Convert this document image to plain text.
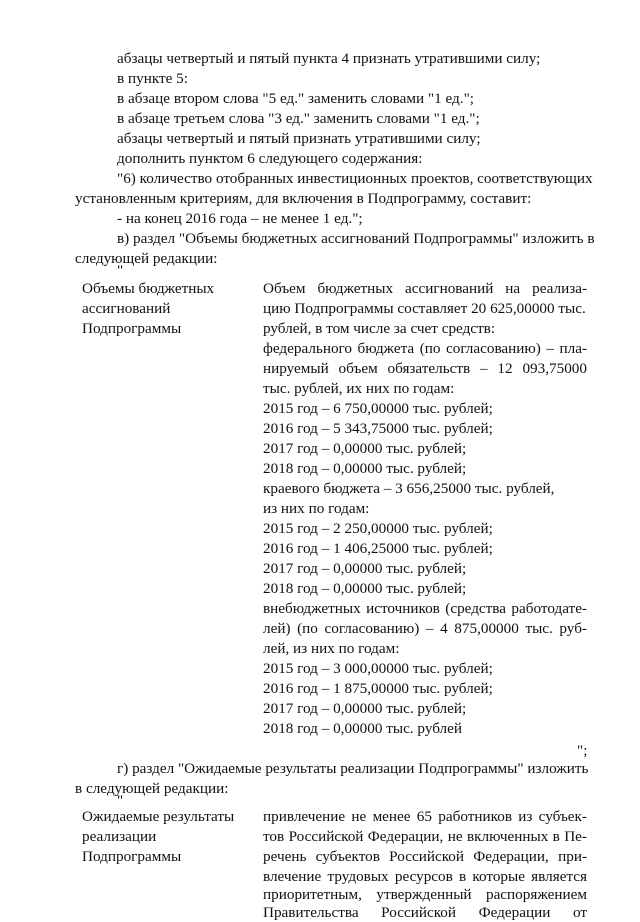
абзацы четвертый и пятый пункта 4 признать утратившими силу;
в пункте 5:
в абзаце втором слова "5 ед." заменить словами "1 ед.";
в абзаце третьем слова "3 ед." заменить словами "1 ед.";
абзацы четвертый и пятый признать утратившими силу;
дополнить пунктом 6 следующего содержания:
"6) количество отобранных инвестиционных проектов, соответствующих
установленным критериям, для включения в Подпрограмму, составит:
- на конец 2016 года – не менее 1 ед.";
в) раздел "Объемы бюджетных ассигнований Подпрограммы" изложить в
следующей редакции:
"
Объемы бюджетных
ассигнований
Подпрограммы
Объем бюджетных ассигнований на реализа-
цию Подпрограммы составляет 20 625,00000 тыс.
рублей, в том числе за счет средств:
федерального бюджета (по согласованию) – пла-
нируемый объем обязательств – 12 093,75000
тыс. рублей, их них по годам:
2015 год – 6 750,00000 тыс. рублей;
2016 год – 5 343,75000 тыс. рублей;
2017 год – 0,00000 тыс. рублей;
2018 год – 0,00000 тыс. рублей;
краевого бюджета – 3 656,25000 тыс. рублей,
из них по годам:
2015 год – 2 250,00000 тыс. рублей;
2016 год – 1 406,25000 тыс. рублей;
2017 год – 0,00000 тыс. рублей;
2018 год – 0,00000 тыс. рублей;
внебюджетных источников (средства работодате-
лей) (по согласованию) – 4 875,00000 тыс. руб-
лей, из них по годам:
2015 год – 3 000,00000 тыс. рублей;
2016 год – 1 875,00000 тыс. рублей;
2017 год – 0,00000 тыс. рублей;
2018 год – 0,00000 тыс. рублей
";
г) раздел "Ожидаемые результаты реализации Подпрограммы" изложить
в следующей редакции:
"
Ожидаемые результаты
реализации
Подпрограммы
привлечение не менее 65 работников из субъек-
тов Российской Федерации, не включенных в Пе-
речень субъектов Российской Федерации, при-
влечение трудовых ресурсов в которые является
приоритетным, утвержденный распоряжением
Правительства Российской Федерации от
